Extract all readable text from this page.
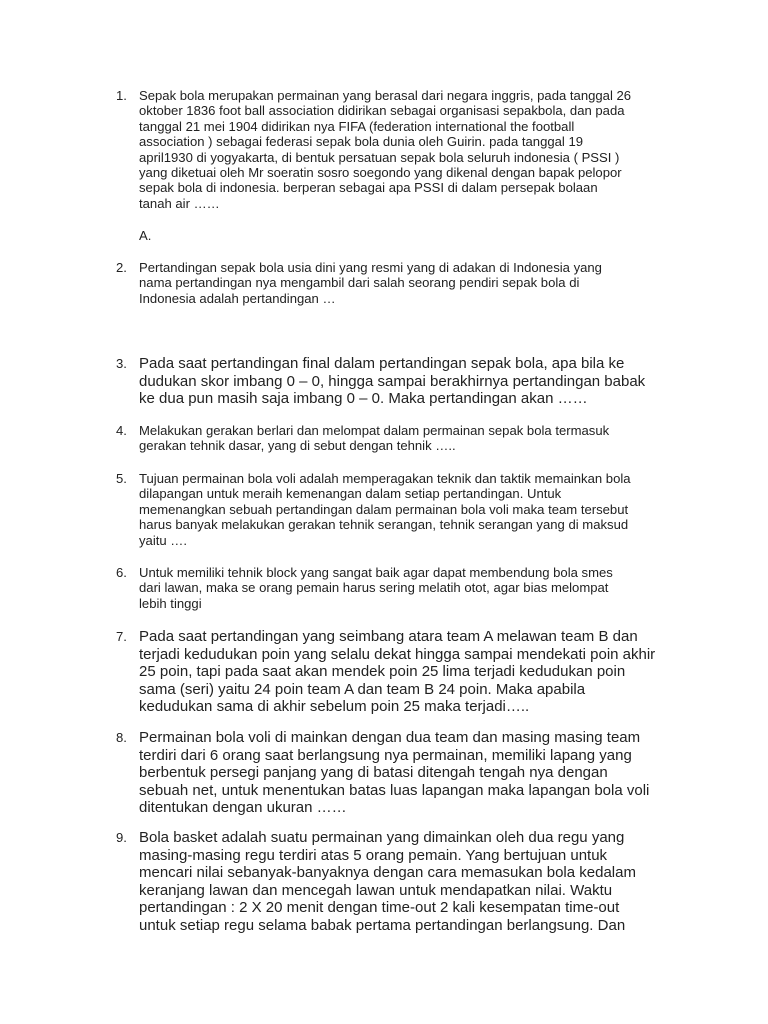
1. Sepak bola merupakan permainan yang berasal dari negara inggris, pada tanggal 26
oktober 1836 foot ball association didirikan sebagai organisasi sepakbola, dan pada
tanggal 21 mei 1904 didirikan nya FIFA (federation international the football
association ) sebagai federasi sepak bola dunia oleh Guirin. pada tanggal 19
april1930 di yogyakarta, di bentuk persatuan sepak bola seluruh indonesia ( PSSI )
yang diketuai oleh Mr soeratin sosro soegondo yang dikenal dengan bapak pelopor
sepak bola di indonesia. berperan sebagai apa PSSI di dalam persepak bolaan
tanah air ……
A.
2. Pertandingan sepak bola usia dini yang resmi yang di adakan di Indonesia yang
nama pertandingan nya mengambil dari salah seorang pendiri sepak bola di
Indonesia adalah pertandingan …
3. Pada saat pertandingan final dalam pertandingan sepak bola, apa bila ke
dudukan skor imbang 0 – 0, hingga sampai berakhirnya pertandingan babak
ke dua pun masih saja imbang 0 – 0. Maka pertandingan akan ……
4. Melakukan gerakan berlari dan melompat dalam permainan sepak bola termasuk
gerakan tehnik dasar, yang di sebut dengan tehnik …..
5. Tujuan permainan bola voli adalah memperagakan teknik dan taktik memainkan bola
dilapangan untuk meraih kemenangan dalam setiap pertandingan. Untuk
memenangkan sebuah pertandingan dalam permainan bola voli maka team tersebut
harus banyak melakukan gerakan tehnik serangan, tehnik serangan yang di maksud
yaitu ….
6. Untuk memiliki tehnik block yang sangat baik agar dapat membendung bola smes
dari lawan, maka se orang pemain harus sering melatih otot, agar bias melompat
lebih tinggi
7. Pada saat pertandingan yang seimbang atara team A melawan team B dan
terjadi kedudukan poin yang selalu dekat hingga sampai mendekati poin akhir
25 poin, tapi pada saat akan mendek poin 25 lima terjadi kedudukan poin
sama (seri) yaitu 24 poin team A dan team B 24 poin. Maka apabila
kedudukan sama di akhir sebelum poin 25 maka terjadi…..
8. Permainan bola voli di mainkan dengan dua team dan masing masing team
terdiri dari 6 orang saat berlangsung nya permainan, memiliki lapang yang
berbentuk persegi panjang yang di batasi ditengah tengah nya dengan
sebuah net, untuk menentukan batas luas lapangan maka lapangan bola voli
ditentukan dengan ukuran ……
9. Bola basket adalah suatu permainan yang dimainkan oleh dua regu yang
masing-masing regu terdiri atas 5 orang pemain. Yang bertujuan untuk
mencari nilai sebanyak-banyaknya dengan cara memasukan bola kedalam
keranjang lawan dan mencegah lawan untuk mendapatkan nilai. Waktu
pertandingan : 2 X 20 menit dengan time-out 2 kali kesempatan time-out
untuk setiap regu selama babak pertama pertandingan berlangsung. Dan
